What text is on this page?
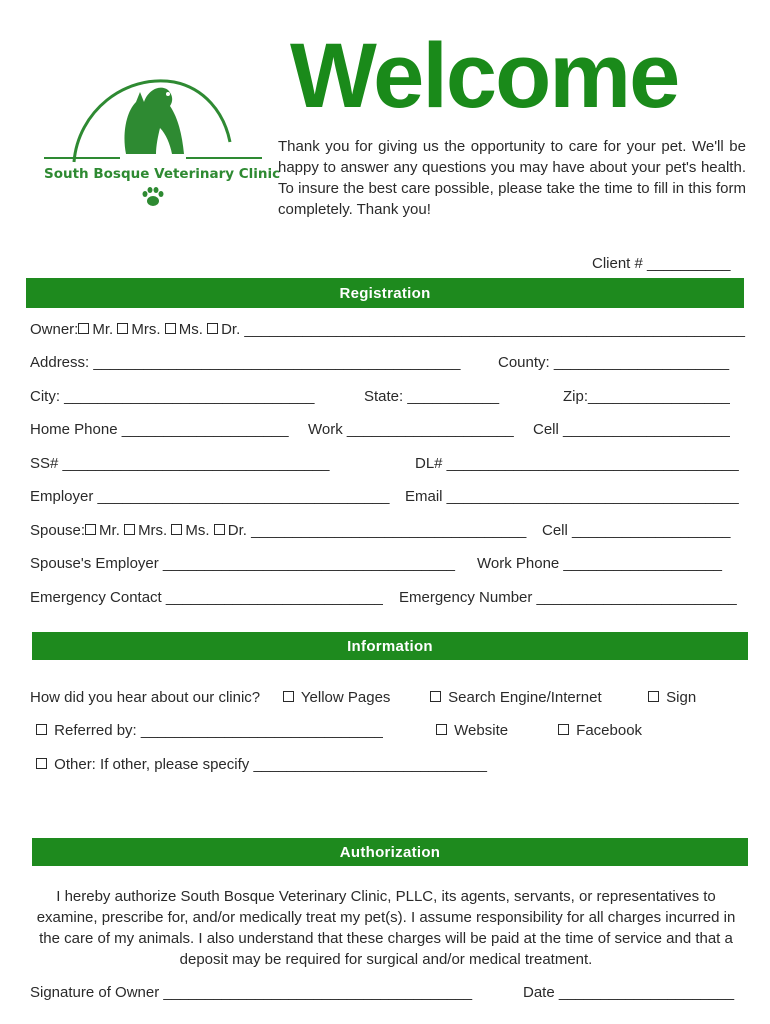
South Bosque Veterinary Clinic
Welcome
Thank you for giving us the opportunity to care for your pet. We'll be happy to answer any questions you may have about your pet's health. To insure the best care possible, please take the time to fill in this form completely. Thank you!
Client # __________
Registration
Owner: Mr. Mrs. Ms. Dr. ____________________________________________________________
Address: ____________________________________________	County: _____________________
City: ______________________________	State: ___________	Zip:_________________
Home Phone ____________________ Work ____________________ Cell ____________________
SS# ________________________________	DL# ___________________________________
Employer ___________________________________ Email ___________________________________
Spouse: Mr. Mrs. Ms. Dr. _________________________________ Cell ___________________
Spouse's Employer ___________________________________ Work Phone ___________________
Emergency Contact __________________________ Emergency Number ________________________
Information
How did you hear about our clinic?	Yellow Pages	Search Engine/Internet	Sign
Referred by: _____________________________	Website	Facebook
Other: If other, please specify ____________________________
Authorization
I hereby authorize South Bosque Veterinary Clinic, PLLC, its agents, servants, or representatives to examine, prescribe for, and/or medically treat my pet(s). I assume responsibility for all charges incurred in the care of my animals. I also understand that these charges will be paid at the time of service and that a deposit may be required for surgical and/or medical treatment.
Signature of Owner _____________________________________	Date _____________________
